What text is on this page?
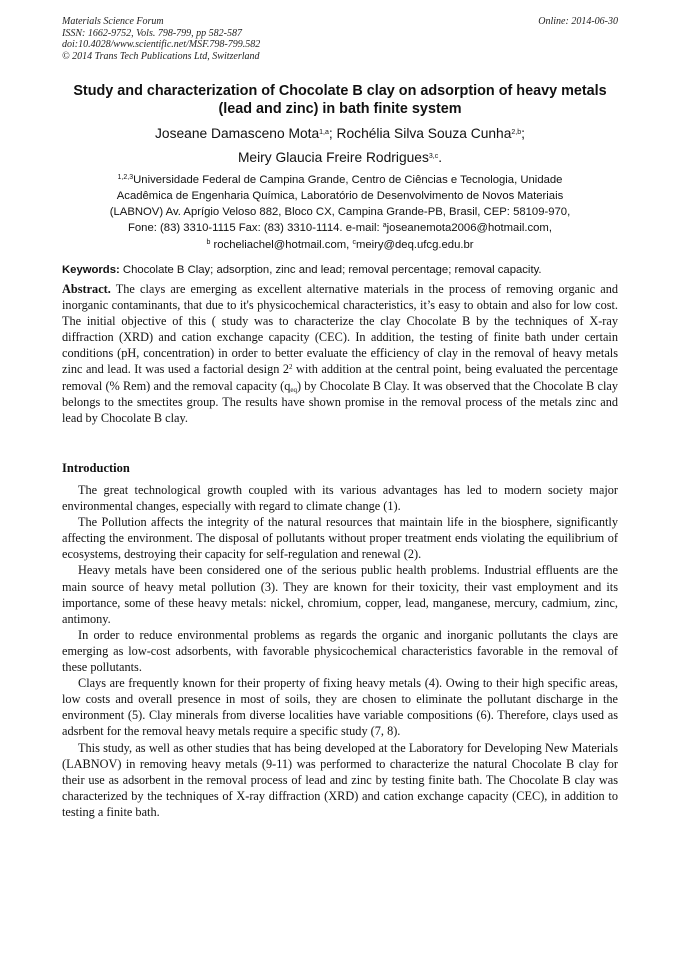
Materials Science Forum
ISSN: 1662-9752, Vols. 798-799, pp 582-587
doi:10.4028/www.scientific.net/MSF.798-799.582
© 2014 Trans Tech Publications Ltd, Switzerland
Online: 2014-06-30
Study and characterization of Chocolate B clay on adsorption of heavy metals (lead and zinc) in bath finite system
Joseane Damasceno Mota$^{1,a}$; Rochélia Silva Souza Cunha$^{2,b}$;
Meiry Glaucia Freire Rodrigues$^{3,c}$.
$^{1,2,3}$Universidade Federal de Campina Grande, Centro de Ciências e Tecnologia, Unidade
Acadêmica de Engenharia Química, Laboratório de Desenvolvimento de Novos Materiais
(LABNOV) Av. Aprígio Veloso 882, Bloco CX, Campina Grande-PB, Brasil, CEP: 58109-970,
Fone: (83) 3310-1115 Fax: (83) 3310-1114. e-mail: $^a$joseanemota2006@hotmail.com,
$^b$ rocheliachel@hotmail.com, $^c$meiry@deq.ufcg.edu.br
Keywords: Chocolate B Clay; adsorption, zinc and lead; removal percentage; removal capacity.
Abstract. The clays are emerging as excellent alternative materials in the process of removing organic and inorganic contaminants, that due to it's physicochemical characteristics, it’s easy to obtain and also for low cost. The initial objective of this ( study was to characterize the clay Chocolate B by the techniques of X-ray diffraction (XRD) and cation exchange capacity (CEC). In addition, the testing of finite bath under certain conditions (pH, concentration) in order to better evaluate the efficiency of clay in the removal of heavy metals zinc and lead. It was used a factorial design $2^2$ with addition at the central point, being evaluated the percentage removal (% Rem) and the removal capacity $(q_{eq})$ by Chocolate B Clay. It was observed that the Chocolate B clay belongs to the smectites group. The results have shown promise in the removal process of the metals zinc and lead by Chocolate B clay.
Introduction

The great technological growth coupled with its various advantages has led to modern society major environmental changes, especially with regard to climate change (1).

The Pollution affects the integrity of the natural resources that maintain life in the biosphere, significantly affecting the environment. The disposal of pollutants without proper treatment ends violating the equilibrium of ecosystems, destroying their capacity for self-regulation and renewal (2).

Heavy metals have been considered one of the serious public health problems. Industrial effluents are the main source of heavy metal pollution (3). They are known for their toxicity, their vast employment and its importance, some of these heavy metals: nickel, chromium, copper, lead, manganese, mercury, cadmium, zinc, antimony.

In order to reduce environmental problems as regards the organic and inorganic pollutants the clays are emerging as low-cost adsorbents, with favorable physicochemical characteristics favorable in the removal of these pollutants.

Clays are frequently known for their property of fixing heavy metals (4). Owing to their high specific areas, low costs and overall presence in most of soils, they are chosen to eliminate the pollutant discharge in the environment (5). Clay minerals from diverse localities have variable compositions (6). Therefore, clays used as adsrbent for the removal heavy metals require a specific study (7, 8).

This study, as well as other studies that has being developed at the Laboratory for Developing New Materials (LABNOV) in removing heavy metals (9-11) was performed to characterize the natural Chocolate B clay for their use as adsorbent in the removal process of lead and zinc by testing finite bath. The Chocolate B clay was characterized by the techniques of X-ray diffraction (XRD) and cation exchange capacity (CEC), in addition to testing a finite bath.
